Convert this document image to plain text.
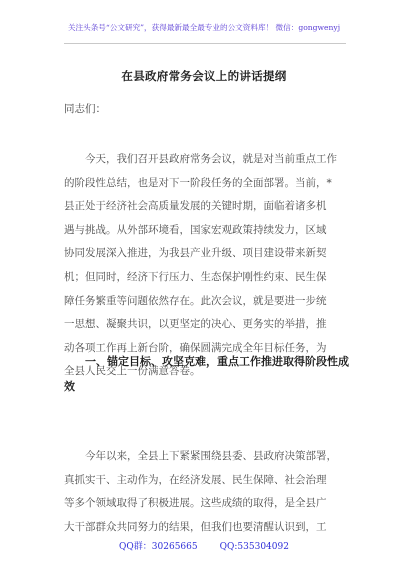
关注头条号“公文研究”，获得最新最全最专业的公文资料库！ 微信：gongwenyj
在县政府常务会议上的讲话提纲
同志们：
今天，我们召开县政府常务会议，就是对当前重点工作
的阶段性总结，也是对下一阶段任务的全面部署。当前，*
县正处于经济社会高质量发展的关键时期，面临着诸多机
遇与挑战。从外部环境看，国家宏观政策持续发力，区域
协同发展深入推进，为我县产业升级、项目建设带来新契
机；但同时，经济下行压力、生态保护刚性约束、民生保
障任务繁重等问题依然存在。此次会议，就是要进一步统
一思想、凝聚共识，以更坚定的决心、更务实的举措，推
动各项工作再上新台阶，确保圆满完成全年目标任务，为
全县人民交上一份满意答卷。
一、锚定目标、攻坚克难，重点工作推进取得阶段性成
效
今年以来，全县上下紧紧围绕县委、县政府决策部署，
真抓实干、主动作为，在经济发展、民生保障、社会治理
等多个领域取得了积极进展。这些成绩的取得，是全县广
大干部群众共同努力的结果，但我们也要清醒认识到，工
QQ群：30265665 QQ:535304092
